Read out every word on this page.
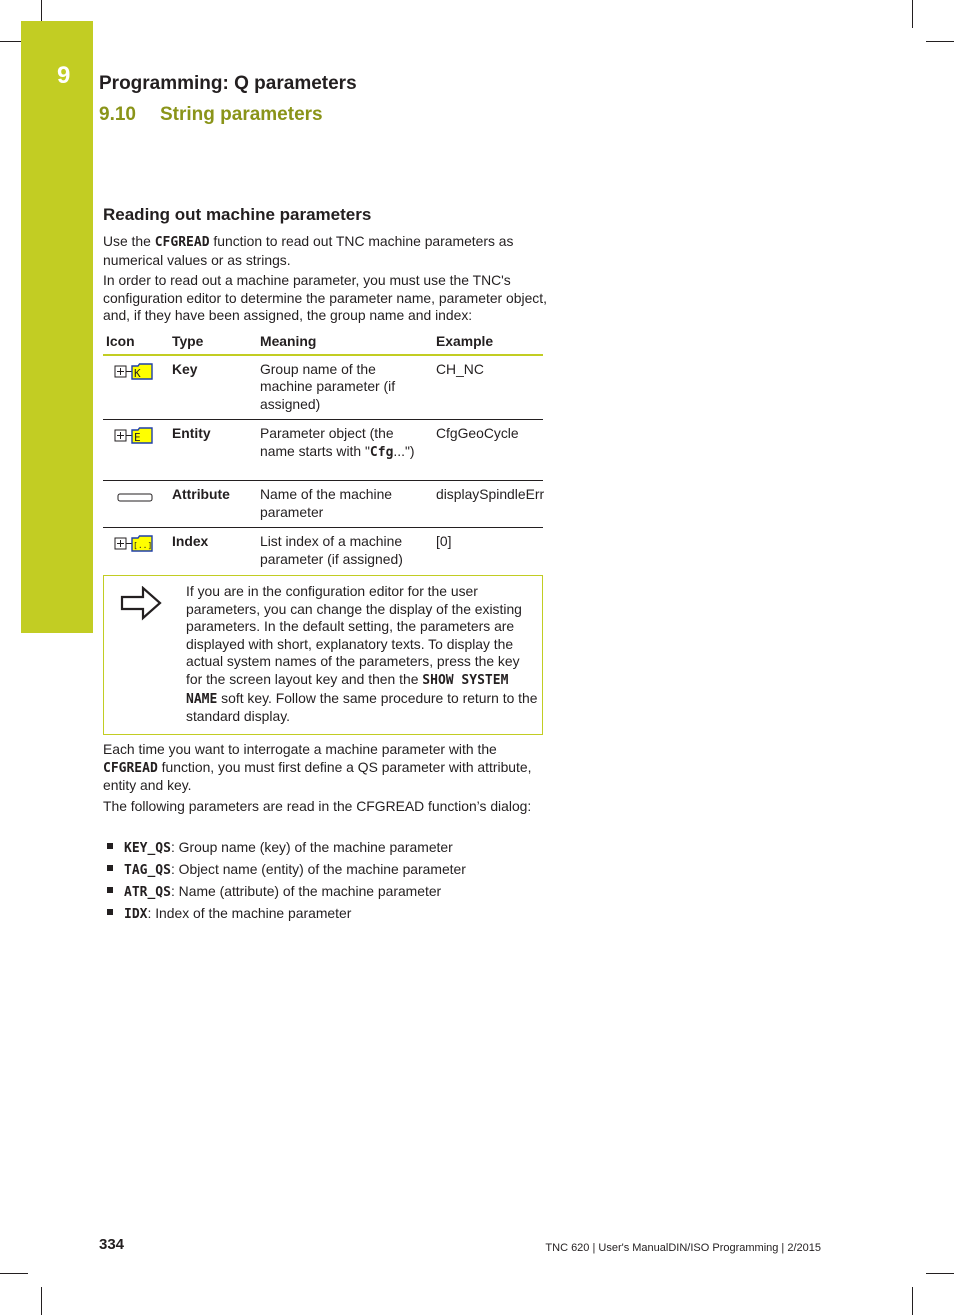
9 Programming: Q parameters
9.10 String parameters
Reading out machine parameters

Use the CFGREAD function to read out TNC machine parameters as numerical values or as strings.

In order to read out a machine parameter, you must use the TNC's configuration editor to determine the parameter name, parameter object, and, if they have been assigned, the group name and index:

Icon	Type	Meaning	Example

K	Key	Group name of the machine parameter (if assigned)	CH_NC

E	Entity	Parameter object (the name starts with "Cfg...")	CfgGeoCycle
	Attribute	Name of the machine parameter	displaySpindleErr

[..]	Index	List index of a machine parameter (if assigned)	[0]

If you are in the configuration editor for the user parameters, you can change the display of the existing parameters. In the default setting, the parameters are displayed with short, explanatory texts. To display the actual system names of the parameters, press the key for the screen layout key and then the SHOW SYSTEM NAME soft key. Follow the same procedure to return to the standard display.

Each time you want to interrogate a machine parameter with the CFGREAD function, you must first define a QS parameter with attribute, entity and key.

The following parameters are read in the CFGREAD function’s dialog:

KEY_QS: Group name (key) of the machine parameter
TAG_QS: Object name (entity) of the machine parameter
ATR_QS: Name (attribute) of the machine parameter
IDX: Index of the machine parameter
334	TNC 620 | User's ManualDIN/ISO Programming | 2/2015
